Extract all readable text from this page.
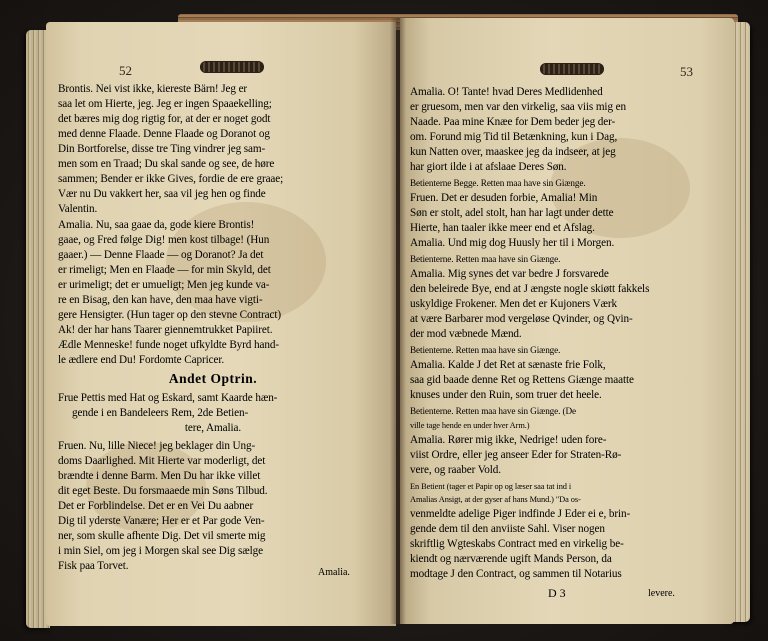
52
Brontis. Nei vist ikke, kiereste Bärn! Jeg er
saa let om Hierte, jeg. Jeg er ingen Spaaekelling;
det bæres mig dog rigtig for, at der er noget godt
med denne Flaade. Denne Flaade og Doranot og
Din Bortforelse, disse tre Ting vindrer jeg sam-
men som en Traad; Du skal sande og see, de høre
sammen; Bender er ikke Gives, fordie de ere graae;
Vær nu Du vakkert her, saa vil jeg hen og finde
Valentin.
Amalia. Nu, saa gaae da, gode kiere Brontis!
gaae, og Fred følge Dig! men kost tilbage! (Hun
gaaer.) — Denne Flaade — og Doranot? Ja det
er rimeligt; Men en Flaade — for min Skyld, det
er urimeligt; det er umueligt; Men jeg kunde va-
re en Bisag, den kan have, den maa have vigti-
gere Hensigter. (Hun tager op den stevne Contract)
Ak! der har hans Taarer giennemtrukket Papiiret.
Ædle Menneske! funde noget ufkyldte Byrd hand-
le ædlere end Du! Fordomte Capricer.
Andet Optrin.
Frue Pettis med Hat og Eskard, samt Kaarde hæn-
gende i en Bandeleers Rem, 2de Betien-
tere, Amalia.
Fruen. Nu, lille Niece! jeg beklager din Ung-
doms Daarlighed. Mit Hierte var moderligt, det
brændte i denne Barm. Men Du har ikke villet
dit eget Beste. Du forsmaaede min Søns Tilbud.
Det er Forblindelse. Det er en Vei Du aabner
Dig til yderste Vanære; Her er et Par gode Ven-
ner, som skulle afhente Dig. Det vil smerte mig
i min Siel, om jeg i Morgen skal see Dig sælge
Fisk paa Torvet.
Amalia.
53
Amalia. O! Tante! hvad Deres Medlidenhed
er gruesom, men var den virkelig, saa viis mig en
Naade. Paa mine Knæe for Dem beder jeg der-
om. Forund mig Tid til Betænkning, kun i Dag,
kun Natten over, maaskee jeg da indseer, at jeg
har giort ilde i at afslaae Deres Søn.
Betienterne Begge. Retten maa have sin Giænge.
Fruen. Det er desuden forbie, Amalia! Min
Søn er stolt, adel stolt, han har lagt under dette
Hierte, han taaler ikke meer end et Afslag.
Amalia. Und mig dog Huusly her til i Morgen.
Betienterne. Retten maa have sin Giænge.
Amalia. Mig synes det var bedre J forsvarede
den beleirede Bye, end at J ængste nogle skiøtt fakkels
uskyldige Frokener. Men det er Kujoners Værk
at være Barbarer mod vergeløse Qvinder, og Qvin-
der mod væbnede Mænd.
Betienterne. Retten maa have sin Giænge.
Amalia. Kalde J det Ret at sænaste frie Folk,
saa gid baade denne Ret og Rettens Giænge maatte
knuses under den Ruin, som truer det heele.
Betienterne. Retten maa have sin Giænge. (De
ville tage hende en under hver Arm.)
Amalia. Rører mig ikke, Nedrige! uden fore-
viist Ordre, eller jeg anseer Eder for Straten-Rø-
vere, og raaber Vold.
En Betient (tager et Papir op og læser saa tat ind i
Amalias Ansigt, at der gyser af hans Mund.) "Da os-
venmeldte adelige Piger indfinde J Eder ei e, brin-
gende dem til den anviiste Sahl. Viser nogen
skriftlig Wgteskabs Contract med en virkelig be-
kiendt og nærværende ugift Mands Person, da
modtage J den Contract, og sammen til Notarius
D 3	levere.
